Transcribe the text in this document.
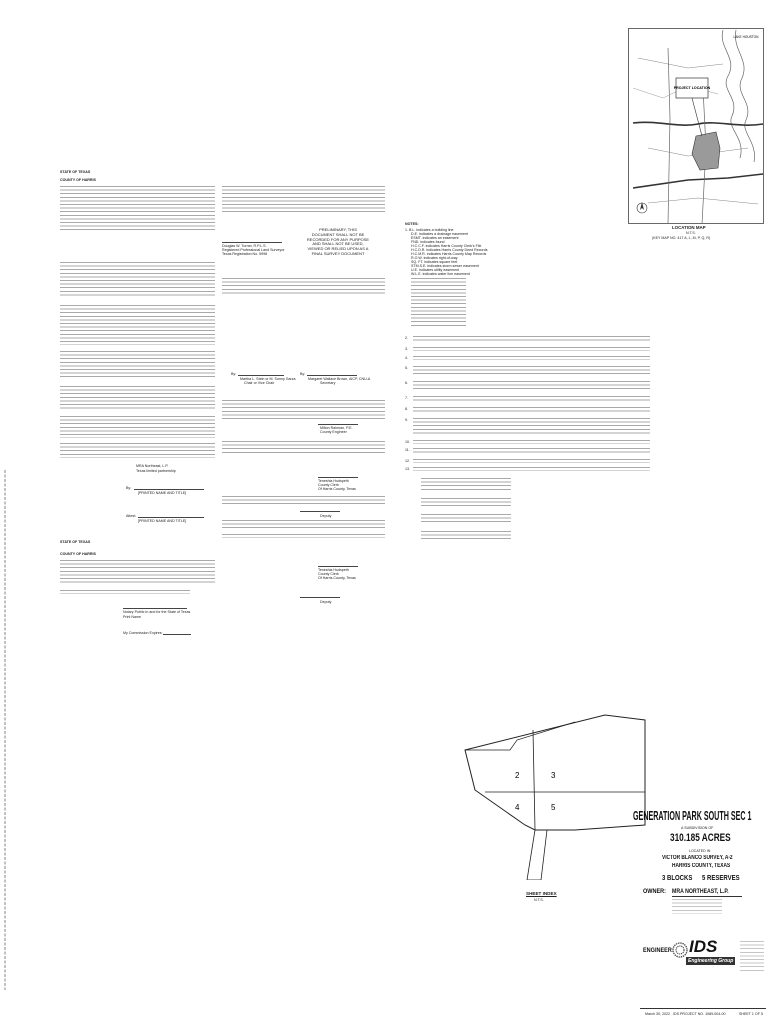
PROJECT LOCATION
LAKE HOUSTON
LOCATION MAP
N.T.S.
(KEY MAP NO. 417 A, L, M, P, Q, R)
STATE OF TEXAS
COUNTY OF HARRIS
MRA Northeast, L.P.
Texas limited partnership
By:
[PRINTED NAME AND TITLE]
Attest:
[PRINTED NAME AND TITLE]
STATE OF TEXAS
COUNTY OF HARRIS
Notary Public In and for the State of Texas
Print Name
My Commission Expires:
Douglas W. Turner, R.P.L.S.
Registered Professional Land Surveyor
Texas Registration No. 5998
PRELIMINARY, THIS
DOCUMENT SHALL NOT BE
RECORDED FOR ANY PURPOSE
AND SHALL NOT BE USED,
VIEWED OR RELIED UPON AS A
FINAL SURVEY DOCUMENT
By:
Martha L. Stein or M. Sonny Garza
Chair or Vice Chair
By:
Margaret Wallace Brown, AICP, CNU-A
Secretary
Milton Rahman, P.E.
County Engineer
Teneshia Hudspeth
County Clerk
Of Harris County, Texas
Deputy
Teneshia Hudspeth
County Clerk
Of Harris County, Texas
Deputy
NOTES:
1. B.L. indicates a building line
D.E. indicates a drainage easement
ESMT. indicates an easement
FND. indicates found
H.C.C.F. indicates Harris County Clerk's File
H.C.D.R. indicates Harris County Deed Records
H.C.M.R. indicates Harris County Map Records
R.O.W. indicates right-of-way
SQ. FT. indicates square feet
STM.S.E. indicates storm sewer easement
U.E. indicates utility easement
W.L.E. indicates water line easement
2.
3.
4.
5.
6.
7.
8.
9.
10.
11.
12.
13.
2	3
4	5
SHEET INDEX
N.T.S.
GENERATION PARK SOUTH SEC 1
A SUBDIVISION OF
310.185 ACRES
LOCATED IN
VICTOR BLANCO SURVEY, A-2
HARRIS COUNTY, TEXAS
3 BLOCKS 5 RESERVES
OWNER: MRA NORTHEAST, L.P.
ENGINEER: IDS
Engineering Group
March 30, 2022 IDS PROJECT NO. 1089-004-00	SHEET 1 OF 5
